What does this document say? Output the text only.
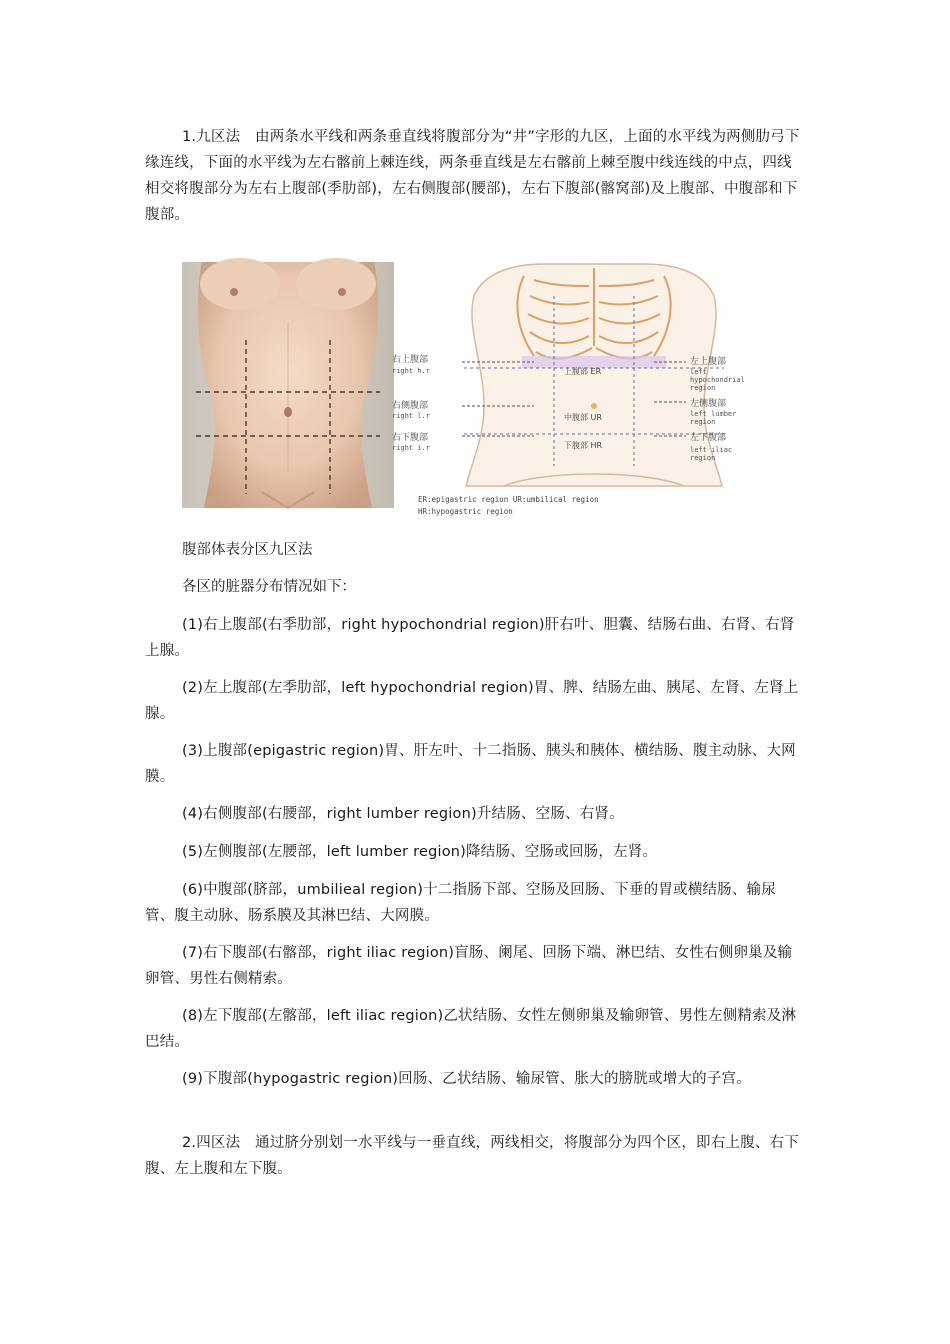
1.九区法　由两条水平线和两条垂直线将腹部分为“井”字形的九区，上面的水平线为两侧肋弓下缘连线，下面的水平线为左右髂前上棘连线，两条垂直线是左右髂前上棘至腹中线连线的中点，四线相交将腹部分为左右上腹部(季肋部)，左右侧腹部(腰部)，左右下腹部(髂窝部)及上腹部、中腹部和下腹部。

右上腹部
right h.r
右侧腹部
right l.r
右下腹部
right i.r
上腹部 ER
中腹部 UR
下腹部 HR
左上腹部
left
hypochondrial
region
左侧腹部
left lumber
region
左下腹部
left iliac
region
ER:epigastric region UR:umbilical region
HR:hypogastric region

腹部体表分区九区法

各区的脏器分布情况如下：

(1)右上腹部(右季肋部，right hypochondrial region)肝右叶、胆囊、结肠右曲、右肾、右肾上腺。

(2)左上腹部(左季肋部，left hypochondrial region)胃、脾、结肠左曲、胰尾、左肾、左肾上腺。

(3)上腹部(epigastric region)胃、肝左叶、十二指肠、胰头和胰体、横结肠、腹主动脉、大网膜。

(4)右侧腹部(右腰部，right lumber region)升结肠、空肠、右肾。

(5)左侧腹部(左腰部，left lumber region)降结肠、空肠或回肠，左肾。

(6)中腹部(脐部，umbilieal region)十二指肠下部、空肠及回肠、下垂的胃或横结肠、输尿管、腹主动脉、肠系膜及其淋巴结、大网膜。

(7)右下腹部(右髂部，right iliac region)盲肠、阑尾、回肠下端、淋巴结、女性右侧卵巢及输卵管、男性右侧精索。

(8)左下腹部(左髂部，left iliac region)乙状结肠、女性左侧卵巢及输卵管、男性左侧精索及淋巴结。

(9)下腹部(hypogastric region)回肠、乙状结肠、输尿管、胀大的膀胱或增大的子宫。

2.四区法　通过脐分别划一水平线与一垂直线，两线相交，将腹部分为四个区，即右上腹、右下腹、左上腹和左下腹。
